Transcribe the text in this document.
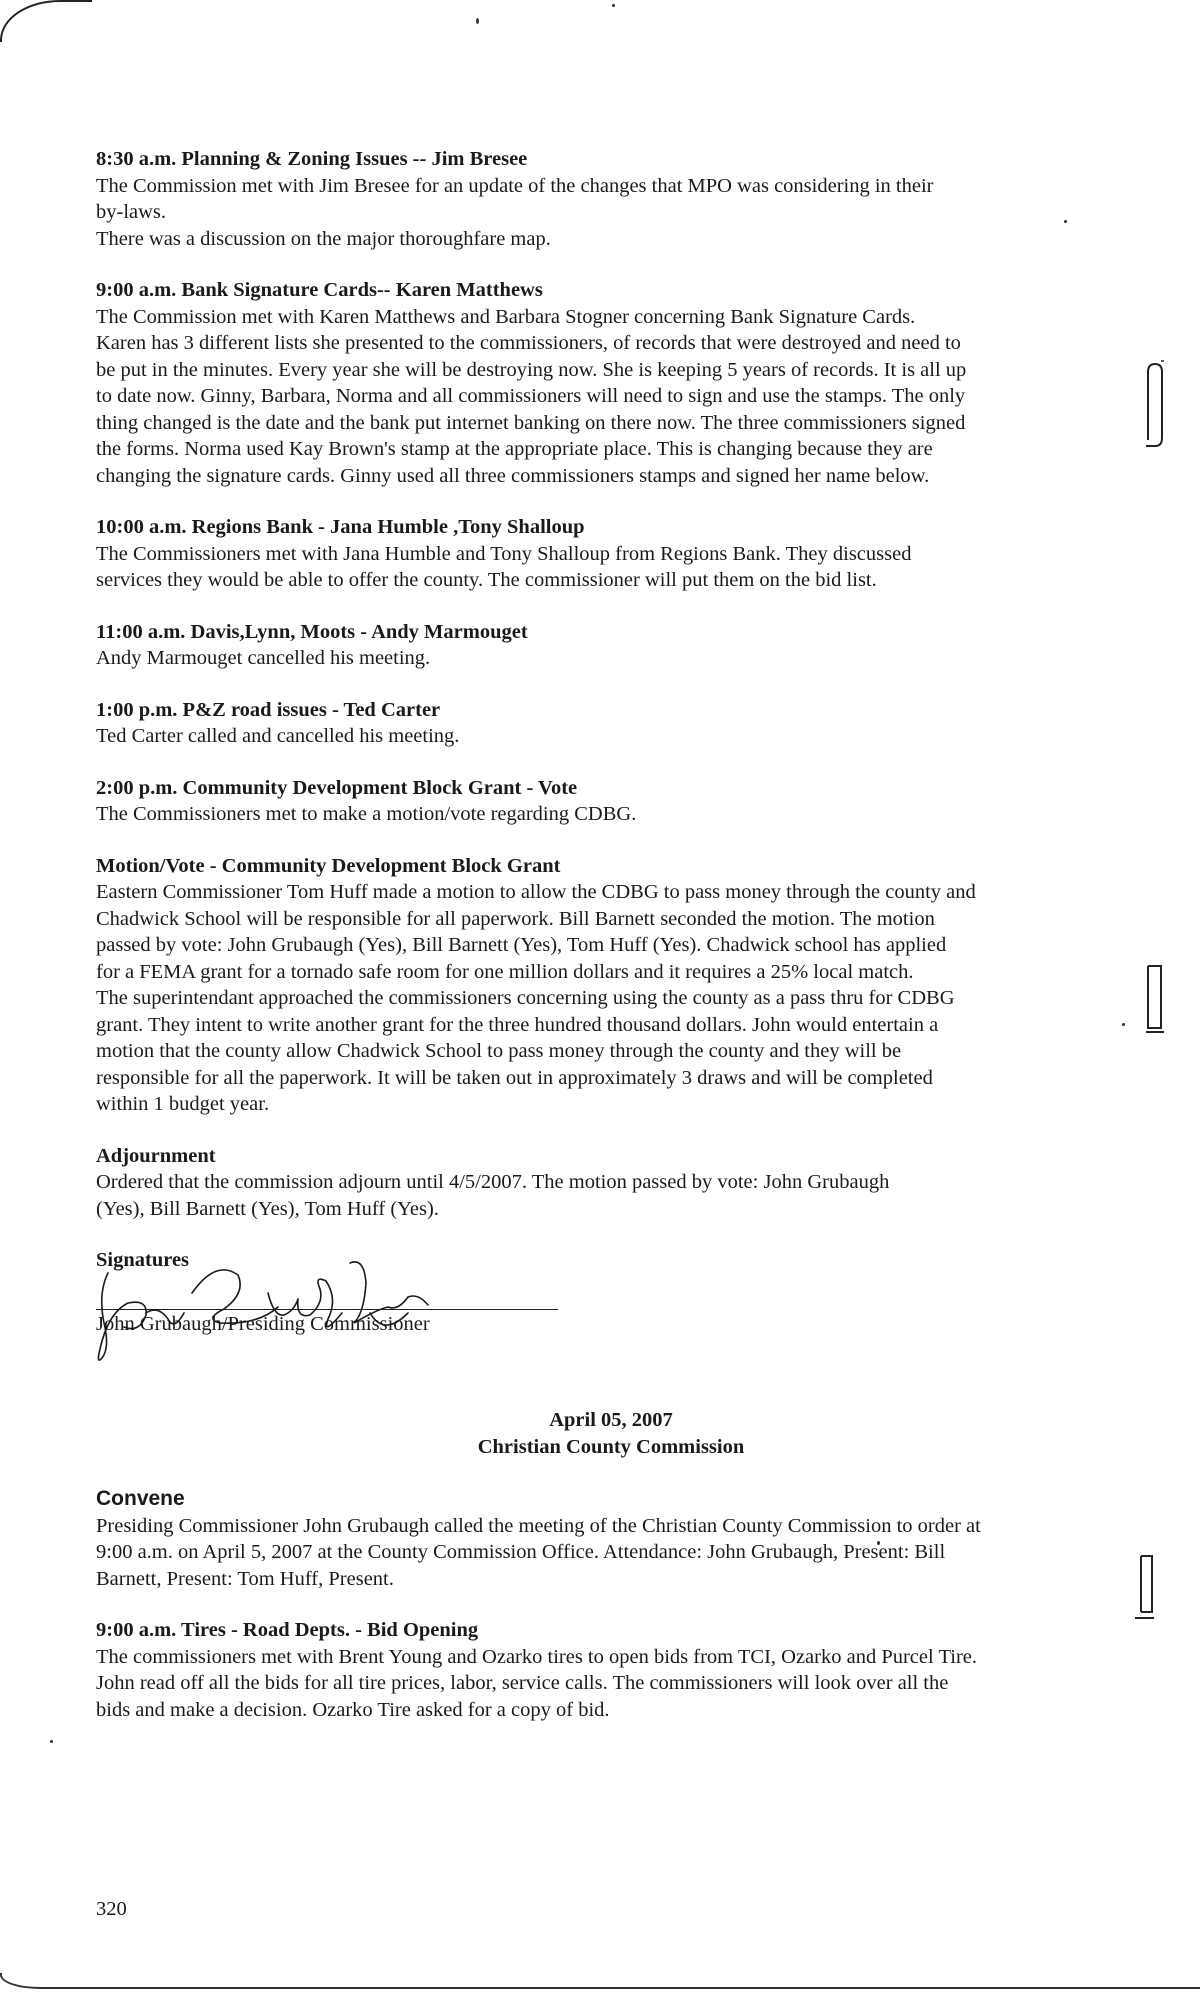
8:30 a.m. Planning & Zoning Issues -- Jim Bresee

The Commission met with Jim Bresee for an update of the changes that MPO was considering in their

by-laws.

There was a discussion on the major thoroughfare map.

9:00 a.m. Bank Signature Cards-- Karen Matthews

The Commission met with Karen Matthews and Barbara Stogner concerning Bank Signature Cards.

Karen has 3 different lists she presented to the commissioners, of records that were destroyed and need to

be put in the minutes. Every year she will be destroying now. She is keeping 5 years of records. It is all up

to date now. Ginny, Barbara, Norma and all commissioners will need to sign and use the stamps. The only

thing changed is the date and the bank put internet banking on there now. The three commissioners signed

the forms. Norma used Kay Brown's stamp at the appropriate place. This is changing because they are

changing the signature cards. Ginny used all three commissioners stamps and signed her name below.

10:00 a.m. Regions Bank - Jana Humble ,Tony Shalloup

The Commissioners met with Jana Humble and Tony Shalloup from Regions Bank. They discussed

services they would be able to offer the county. The commissioner will put them on the bid list.

11:00 a.m. Davis,Lynn, Moots - Andy Marmouget

Andy Marmouget cancelled his meeting.

1:00 p.m. P&Z road issues - Ted Carter

Ted Carter called and cancelled his meeting.

2:00 p.m. Community Development Block Grant - Vote

The Commissioners met to make a motion/vote regarding CDBG.

Motion/Vote - Community Development Block Grant

Eastern Commissioner Tom Huff made a motion to allow the CDBG to pass money through the county and

Chadwick School will be responsible for all paperwork. Bill Barnett seconded the motion. The motion

passed by vote: John Grubaugh (Yes), Bill Barnett (Yes), Tom Huff (Yes). Chadwick school has applied

for a FEMA grant for a tornado safe room for one million dollars and it requires a 25% local match.

The superintendant approached the commissioners concerning using the county as a pass thru for CDBG

grant. They intent to write another grant for the three hundred thousand dollars. John would entertain a

motion that the county allow Chadwick School to pass money through the county and they will be

responsible for all the paperwork. It will be taken out in approximately 3 draws and will be completed

within 1 budget year.

Adjournment

Ordered that the commission adjourn until 4/5/2007. The motion passed by vote: John Grubaugh

(Yes), Bill Barnett (Yes), Tom Huff (Yes).

Signatures

John Grubaugh/Presiding Commissioner

April 05, 2007

Christian County Commission

Convene

Presiding Commissioner John Grubaugh called the meeting of the Christian County Commission to order at

9:00 a.m. on April 5, 2007 at the County Commission Office. Attendance: John Grubaugh, Present: Bill

Barnett, Present: Tom Huff, Present.

9:00 a.m. Tires - Road Depts. - Bid Opening

The commissioners met with Brent Young and Ozarko tires to open bids from TCI, Ozarko and Purcel Tire.

John read off all the bids for all tire prices, labor, service calls. The commissioners will look over all the

bids and make a decision. Ozarko Tire asked for a copy of bid.

320
